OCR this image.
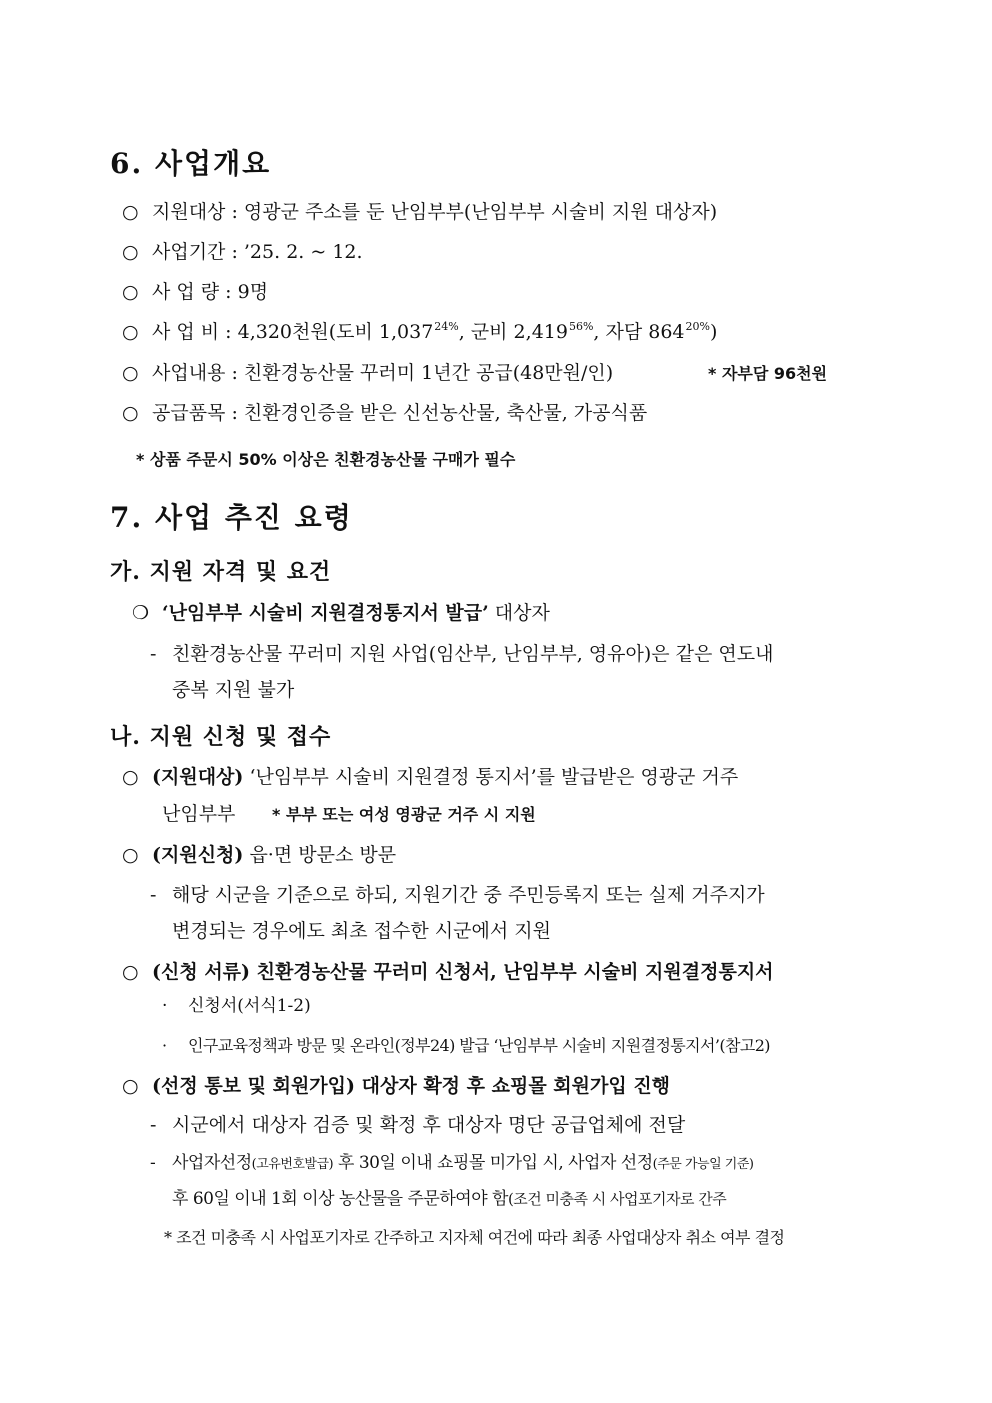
6. 사업개요
○ 지원대상 : 영광군 주소를 둔 난임부부(난임부부 시술비 지원 대상자)
○ 사업기간 : ’25. 2. ~ 12.
○ 사 업 량 : 9명
○ 사 업 비 : 4,320천원(도비 $1,037^{24\%}$, 군비 $2,419^{56\%}$, 자담 $864^{20\%}$)
○ 사업내용 : 친환경농산물 꾸러미 1년간 공급(48만원/인)	* 자부담 96천원
○ 공급품목 : 친환경인증을 받은 신선농산물, 축산물, 가공식품
* 상품 주문시 50% 이상은 친환경농산물 구매가 필수
7. 사업 추진 요령
가. 지원 자격 및 요건
❍ ‘난임부부 시술비 지원결정통지서 발급’ 대상자
- 친환경농산물 꾸러미 지원 사업(임산부, 난임부부, 영유아)은 같은 연도내
중복 지원 불가
나. 지원 신청 및 접수
○ (지원대상) ‘난임부부 시술비 지원결정 통지서’를 발급받은 영광군 거주
난임부부 * 부부 또는 여성 영광군 거주 시 지원
○ (지원신청) 읍·면 방문소 방문
- 해당 시군을 기준으로 하되, 지원기간 중 주민등록지 또는 실제 거주지가
변경되는 경우에도 최초 접수한 시군에서 지원
○ (신청 서류) 친환경농산물 꾸러미 신청서, 난임부부 시술비 지원결정통지서
· 신청서(서식1-2)
· 인구교육정책과 방문 및 온라인(정부24) 발급 ‘난임부부 시술비 지원결정통지서’(참고2)
○ (선정 통보 및 회원가입) 대상자 확정 후 쇼핑몰 회원가입 진행
- 시군에서 대상자 검증 및 확정 후 대상자 명단 공급업체에 전달
- 사업자선정(고유번호발급) 후 30일 이내 쇼핑몰 미가입 시, 사업자 선정(주문 가능일 기준)
후 60일 이내 1회 이상 농산물을 주문하여야 함(조건 미충족 시 사업포기자로 간주
* 조건 미충족 시 사업포기자로 간주하고 지자체 여건에 따라 최종 사업대상자 취소 여부 결정
